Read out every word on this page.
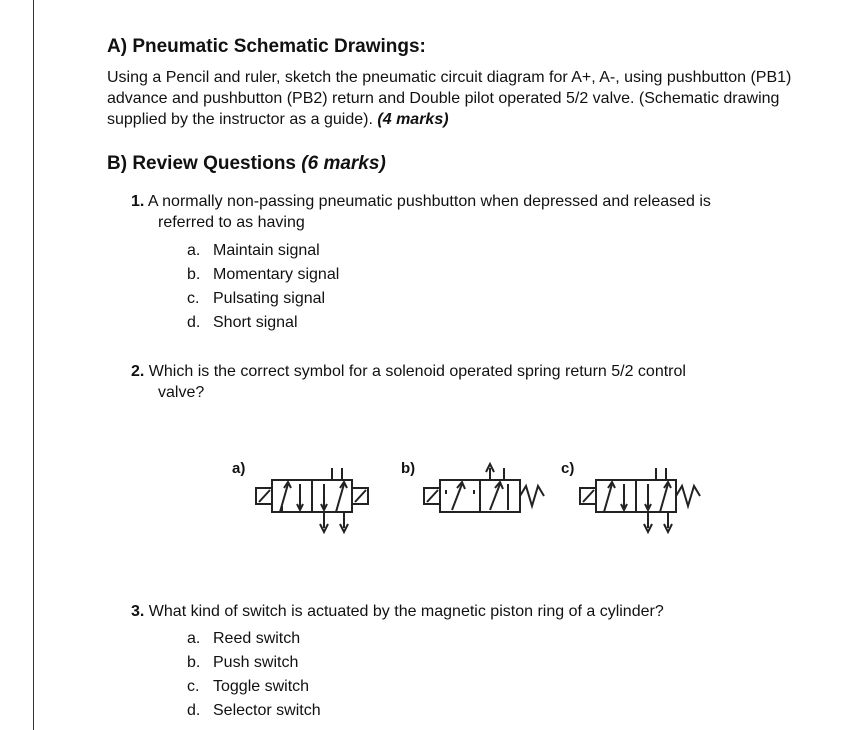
A) Pneumatic Schematic Drawings:
Using a Pencil and ruler, sketch the pneumatic circuit diagram for A+, A-, using pushbutton (PB1) advance and pushbutton (PB2) return and Double pilot operated 5/2 valve. (Schematic drawing supplied by the instructor as a guide). (4 marks)
B) Review Questions (6 marks)
1. A normally non-passing pneumatic pushbutton when depressed and released is
referred to as having
a. Maintain signal
b. Momentary signal
c. Pulsating signal
d. Short signal
2. Which is the correct symbol for a solenoid operated spring return 5/2 control
valve?
a)	b)	c)
3. What kind of switch is actuated by the magnetic piston ring of a cylinder?
a. Reed switch
b. Push switch
c. Toggle switch
d. Selector switch
